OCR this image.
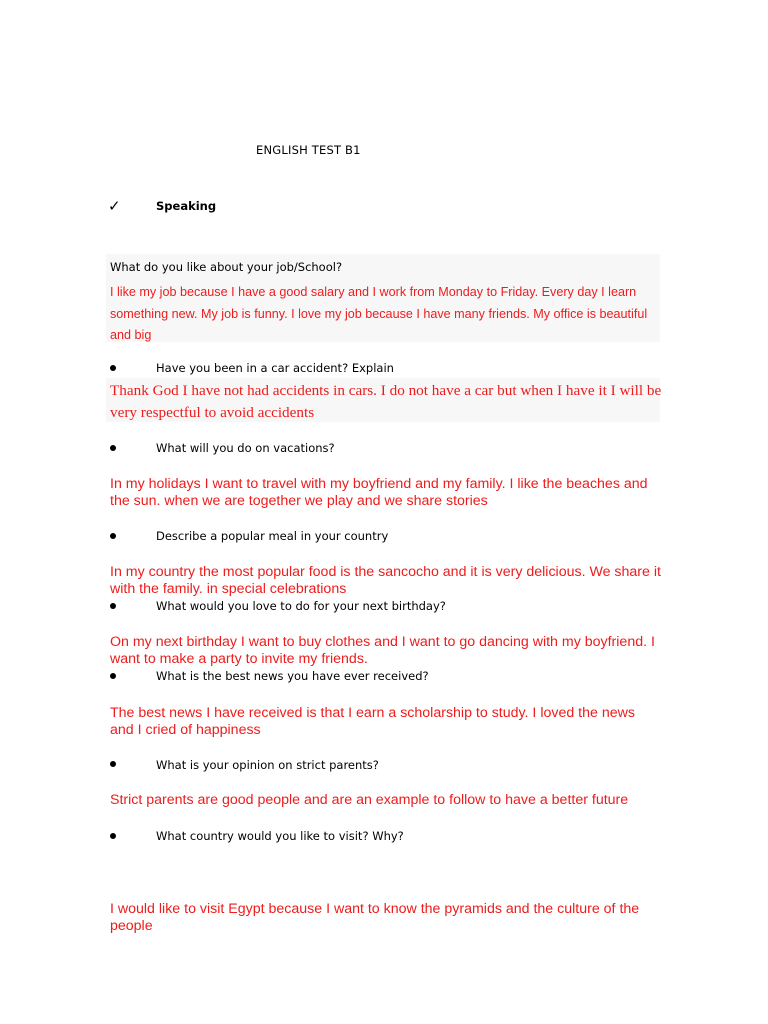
ENGLISH TEST B1
✓	Speaking
What do you like about your job/School?
I like my job because I have a good salary and I work from Monday to Friday. Every day I learn something new. My job is funny. I love my job because I have many friends. My office is beautiful and big
Have you been in a car accident? Explain
Thank God I have not had accidents in cars. I do not have a car but when I have it I will be very respectful to avoid accidents
What will you do on vacations?
In my holidays I want to travel with my boyfriend and my family. I like the beaches and the sun. when we are together we play and we share stories
Describe a popular meal in your country
In my country the most popular food is the sancocho and it is very delicious. We share it with the family. in special celebrations
What would you love to do for your next birthday?
On my next birthday I want to buy clothes and I want to go dancing with my boyfriend. I want to make a party to invite my friends.
What is the best news you have ever received?
The best news I have received is that I earn a scholarship to study. I loved the news and I cried of happiness
What is your opinion on strict parents?
Strict parents are good people and are an example to follow to have a better future
What country would you like to visit? Why?
I would like to visit Egypt because I want to know the pyramids and the culture of the people
